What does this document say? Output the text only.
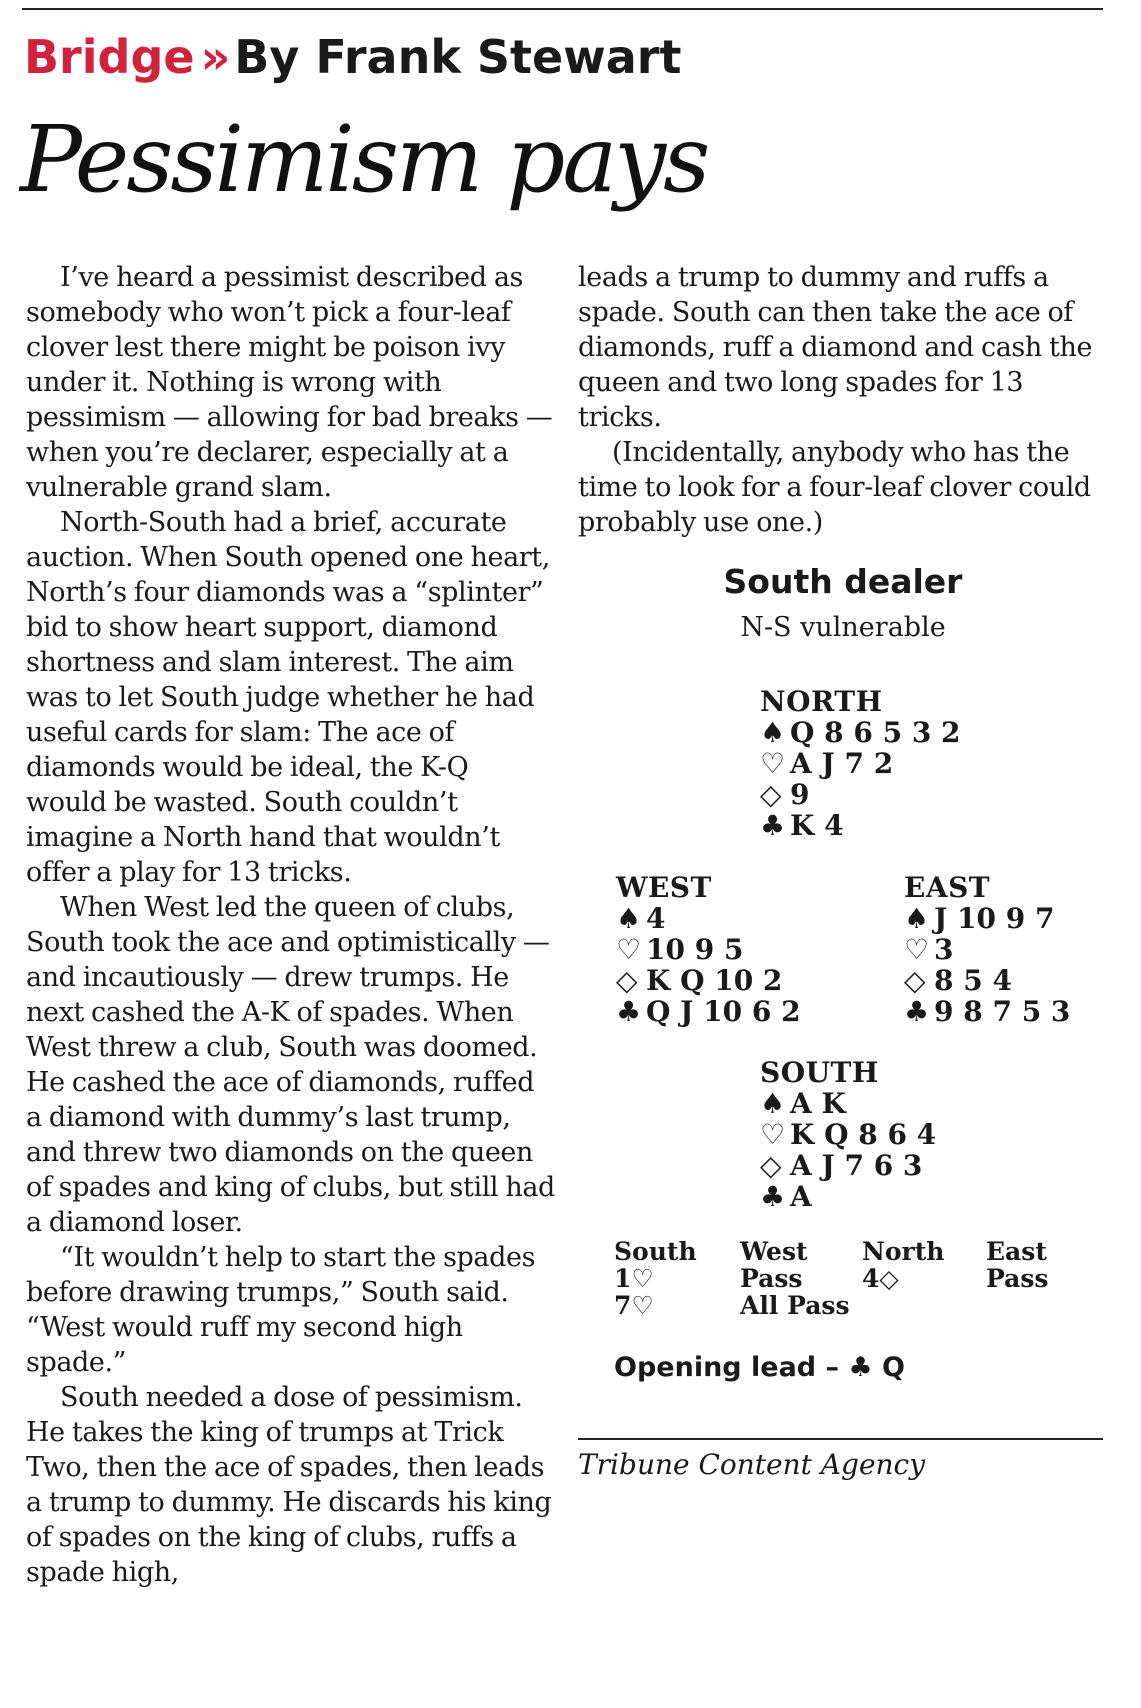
Bridge »By Frank Stewart
Pessimism pays

I’ve heard a pessimist described as somebody who won’t pick a four-leaf clover lest there might be poison ivy under it. Nothing is wrong with pessimism — allowing for bad breaks — when you’re declarer, especially at a vulnerable grand slam.

North-South had a brief, accurate auction. When South opened one heart, North’s four diamonds was a “splinter” bid to show heart support, diamond shortness and slam interest. The aim was to let South judge whether he had useful cards for slam: The ace of diamonds would be ideal, the K-Q would be wasted. South couldn’t imagine a North hand that wouldn’t offer a play for 13 tricks.

When West led the queen of clubs, South took the ace and optimistically — and incautiously — drew trumps. He next cashed the A-K of spades. When West threw a club, South was doomed. He cashed the ace of diamonds, ruffed a diamond with dummy’s last trump, and threw two diamonds on the queen of spades and king of clubs, but still had a diamond loser.

“It wouldn’t help to start the spades before drawing trumps,” South said. “West would ruff my second high spade.”

South needed a dose of pessimism. He takes the king of trumps at Trick Two, then the ace of spades, then leads a trump to dummy. He discards his king of spades on the king of clubs, ruffs a spade high,

leads a trump to dummy and ruffs a spade. South can then take the ace of diamonds, ruff a diamond and cash the queen and two long spades for 13 tricks.

(Incidentally, anybody who has the time to look for a four-leaf clover could probably use one.)

South dealer
N-S vulnerable
NORTH
♠ Q 8 6 5 3 2
♡ A J 7 2
◇ 9
♣ K 4
WEST
♠ 4
♡ 10 9 5
◇ K Q 10 2
♣ Q J 10 6 2
EAST
♠ J 10 9 7
♡ 3
◇ 8 5 4
♣ 9 8 7 5 3
SOUTH
♠ A K
♡ K Q 8 6 4
◇ A J 7 6 3
♣ A
South
1♡
7♡
West
Pass
All Pass
North
4◇
East
Pass
Opening lead – ♣ Q
Tribune Content Agency
